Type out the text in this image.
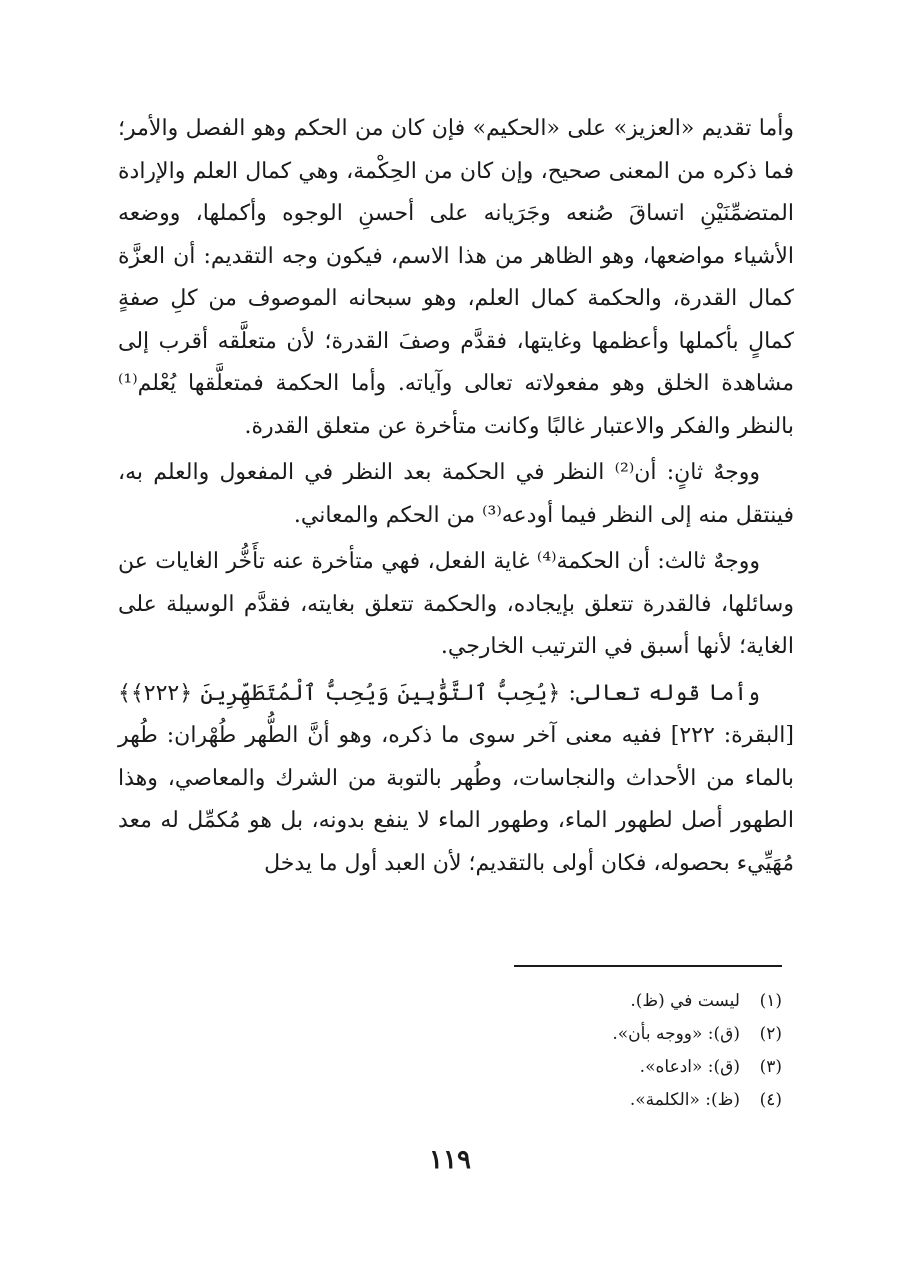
وأما تقديم «العزيز» على «الحكيم» فإن كان من الحكم وهو الفصل والأمر؛ فما ذكره من المعنى صحيح، وإن كان من الحِكْمة، وهي كمال العلم والإرادة المتضمِّنَيْنِ اتساقَ صُنعه وجَرَيانه على أحسنِ الوجوه وأكملها، ووضعه الأشياء مواضعها، وهو الظاهر من هذا الاسم، فيكون وجه التقديم: أن العزَّة كمال القدرة، والحكمة كمال العلم، وهو سبحانه الموصوف من كلِ صفةٍ كمالٍ بأكملها وأعظمها وغايتها، فقدَّم وصفَ القدرة؛ لأن متعلَّقه أقرب إلى مشاهدة الخلق وهو مفعولاته تعالى وآياته. وأما الحكمة فمتعلَّقها يُعْلم⁽¹⁾ بالنظر والفكر والاعتبار غالبًا وكانت متأخرة عن متعلق القدرة.

ووجهٌ ثانٍ: أن⁽²⁾ النظر في الحكمة بعد النظر في المفعول والعلم به، فينتقل منه إلى النظر فيما أودعه⁽³⁾ من الحكم والمعاني.

ووجهٌ ثالث: أن الحكمة⁽⁴⁾ غاية الفعل، فهي متأخرة عنه تأَخُّر الغايات عن وسائلها، فالقدرة تتعلق بإيجاده، والحكمة تتعلق بغايته، فقدَّم الوسيلة على الغاية؛ لأنها أسبق في الترتيب الخارجي.

وأما قوله تعالى: ﴿يُحِبُّ ٱلتَّوَّٰبِينَ وَيُحِبُّ ٱلْمُتَطَهِّرِينَ ﴿٢٢٢﴾﴾ [البقرة: ٢٢٢] ففيه معنى آخر سوى ما ذكره، وهو أنَّ الطُّهر طُهْران: طُهر بالماء من الأحداث والنجاسات، وطُهر بالتوبة من الشرك والمعاصي، وهذا الطهور أصل لطهور الماء، وطهور الماء لا ينفع بدونه، بل هو مُكمِّل له معد مُهَيِّيء بحصوله، فكان أولى بالتقديم؛ لأن العبد أول ما يدخل

(١)
ليست في (ظ).
(٢)
(ق): «ووجه بأن».
(٣)
(ق): «ادعاه».
(٤)
(ظ): «الكلمة».
١١٩
